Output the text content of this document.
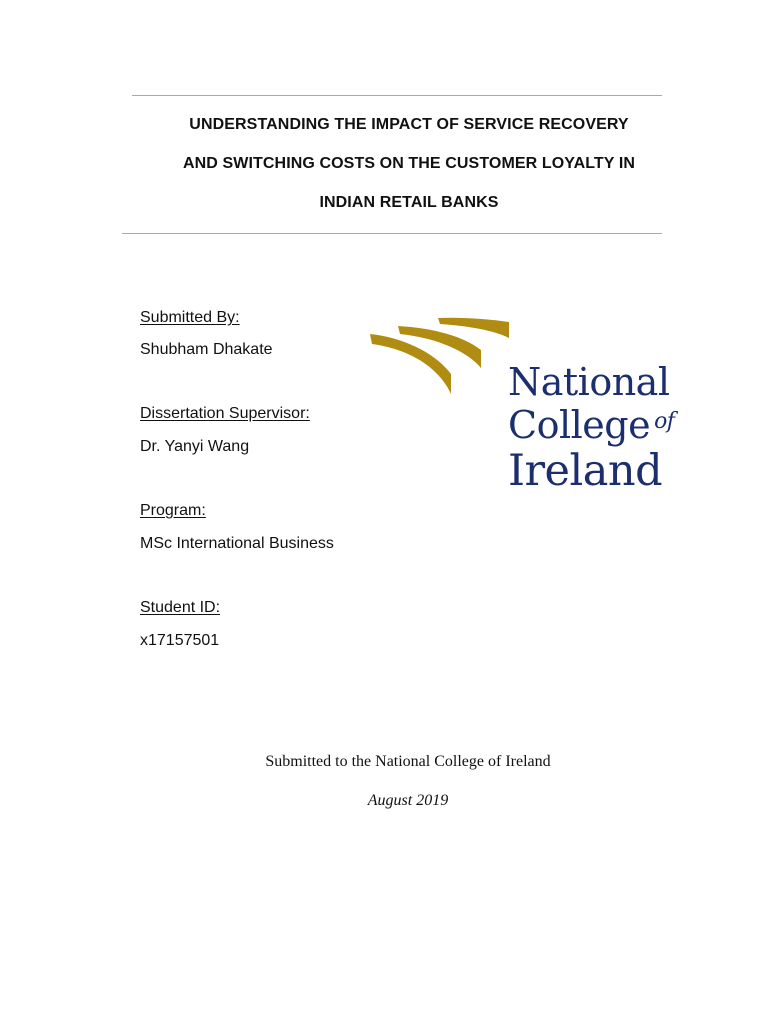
UNDERSTANDING THE IMPACT OF SERVICE RECOVERY
AND SWITCHING COSTS ON THE CUSTOMER LOYALTY IN
INDIAN RETAIL BANKS
Submitted By:
Shubham Dhakate
Dissertation Supervisor:
Dr. Yanyi Wang
Program:
MSc International Business
Student ID:
x17157501
National
College $^{of}$
Ireland
Submitted to the National College of Ireland
August 2019
